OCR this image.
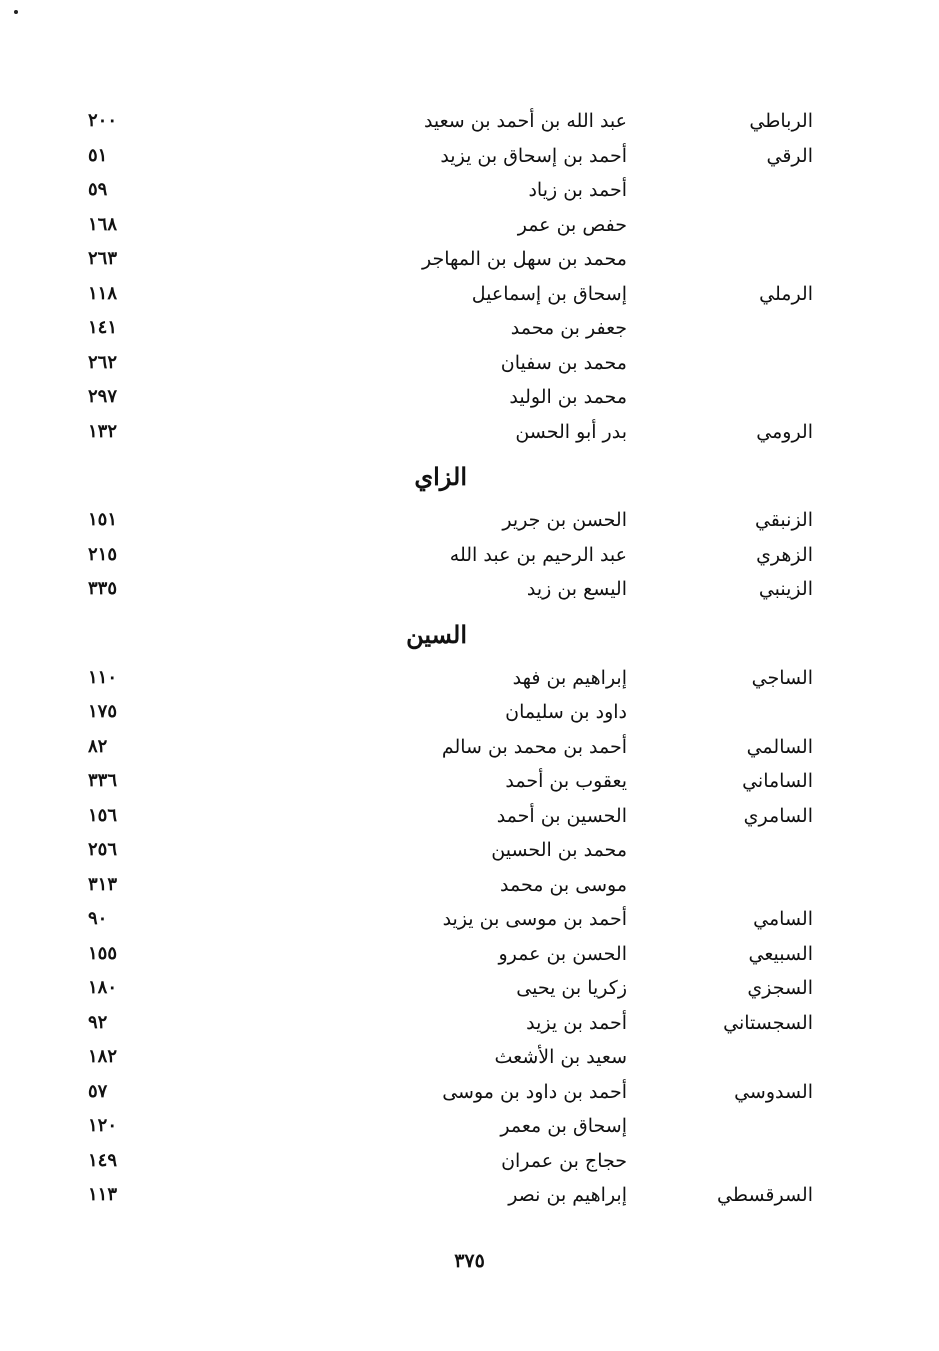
الرباطي
عبد الله بن أحمد بن سعيد
٢٠٠
الرقي
أحمد بن إسحاق بن يزيد
٥١
أحمد بن زياد
٥٩
حفص بن عمر
١٦٨
محمد بن سهل بن المهاجر
٢٦٣
الرملي
إسحاق بن إسماعيل
١١٨
جعفر بن محمد
١٤١
محمد بن سفيان
٢٦٢
محمد بن الوليد
٢٩٧
الرومي
بدر أبو الحسن
١٣٢
الزاي
الزنبقي
الحسن بن جرير
١٥١
الزهري
عبد الرحيم بن عبد الله
٢١٥
الزينبي
اليسع بن زيد
٣٣٥
السين
الساجي
إبراهيم بن فهد
١١٠
داود بن سليمان
١٧٥
السالمي
أحمد بن محمد بن سالم
٨٢
الساماني
يعقوب بن أحمد
٣٣٦
السامري
الحسين بن أحمد
١٥٦
محمد بن الحسين
٢٥٦
موسى بن محمد
٣١٣
السامي
أحمد بن موسى بن يزيد
٩٠
السبيعي
الحسن بن عمرو
١٥٥
السجزي
زكريا بن يحيى
١٨٠
السجستاني
أحمد بن يزيد
٩٢
سعيد بن الأشعث
١٨٢
السدوسي
أحمد بن داود بن موسى
٥٧
إسحاق بن معمر
١٢٠
حجاج بن عمران
١٤٩
السرقسطي
إبراهيم بن نصر
١١٣
٣٧٥
